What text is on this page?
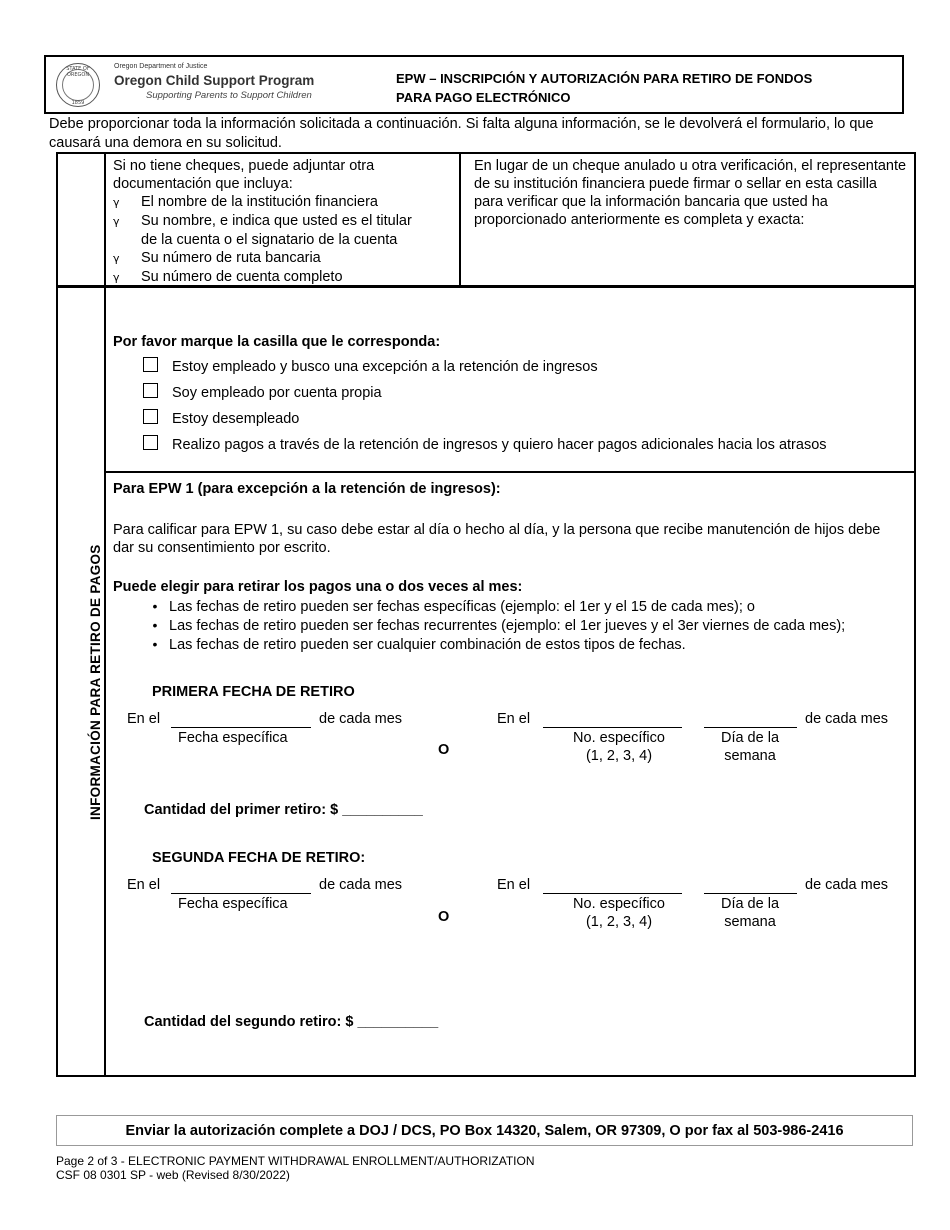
STATE OF OREGON
1859
Oregon Department of Justice
Oregon Child Support Program
Supporting Parents to Support Children
EPW – INSCRIPCIÓN Y AUTORIZACIÓN PARA RETIRO DE FONDOS
PARA PAGO ELECTRÓNICO
Debe proporcionar toda la información solicitada a continuación. Si falta alguna información, se le devolverá el formulario, lo que causará una demora en su solicitud.
Si no tiene cheques, puede adjuntar otra
documentación que incluya:
γ El nombre de la institución financiera
γ Su nombre, e indica que usted es el titular
de la cuenta o el signatario de la cuenta
γ Su número de ruta bancaria
γ Su número de cuenta completo
En lugar de un cheque anulado u otra verificación, el representante de su institución financiera puede firmar o sellar en esta casilla para verificar que la información bancaria que usted ha proporcionado anteriormente es completa y exacta:
INFORMACIÓN PARA RETIRO DE PAGOS
Por favor marque la casilla que le corresponda:
Estoy empleado y busco una excepción a la retención de ingresos
Soy empleado por cuenta propia
Estoy desempleado
Realizo pagos a través de la retención de ingresos y quiero hacer pagos adicionales hacia los atrasos
Para EPW 1 (para excepción a la retención de ingresos):
Para calificar para EPW 1, su caso debe estar al día o hecho al día, y la persona que recibe manutención de hijos debe dar su consentimiento por escrito.
Puede elegir para retirar los pagos una o dos veces al mes:
• Las fechas de retiro pueden ser fechas específicas (ejemplo: el 1er y el 15 de cada mes); o
• Las fechas de retiro pueden ser fechas recurrentes (ejemplo: el 1er jueves y el 3er viernes de cada mes);
• Las fechas de retiro pueden ser cualquier combinación de estos tipos de fechas.
PRIMERA FECHA DE RETIRO
En el	de cada mes
Fecha específica
O
En el	de cada mes
No. específico
(1, 2, 3, 4)
Día de la
semana
Cantidad del primer retiro: $ __________
SEGUNDA FECHA DE RETIRO:
En el	de cada mes
Fecha específica
O
En el	de cada mes
No. específico
(1, 2, 3, 4)
Día de la
semana
Cantidad del segundo retiro: $ __________
Enviar la autorización complete a DOJ / DCS, PO Box 14320, Salem, OR 97309, O por fax al 503-986-2416
Page 2 of 3 - ELECTRONIC PAYMENT WITHDRAWAL ENROLLMENT/AUTHORIZATION
CSF 08 0301 SP - web (Revised 8/30/2022)
